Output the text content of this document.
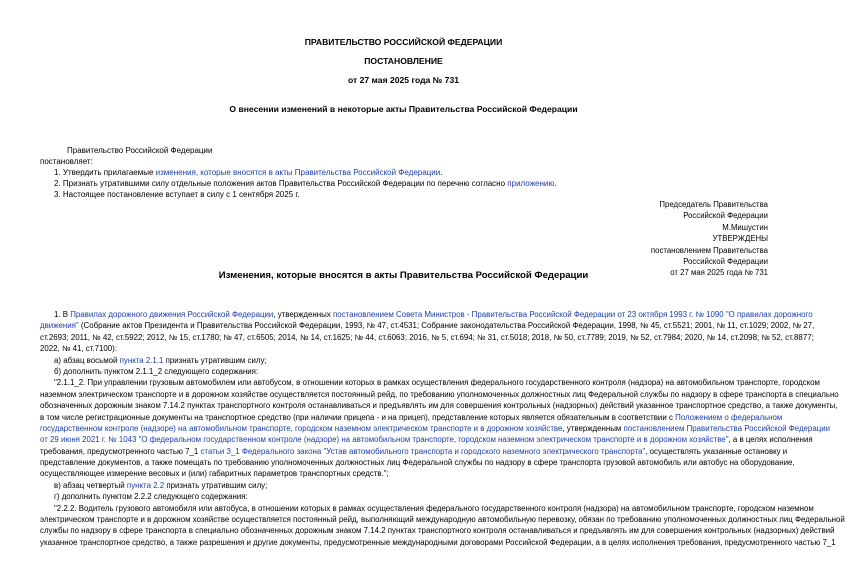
ПРАВИТЕЛЬСТВО РОССИЙСКОЙ ФЕДЕРАЦИИ
ПОСТАНОВЛЕНИЕ
от 27 мая 2025 года № 731
О внесении изменений в некоторые акты Правительства Российской Федерации
Правительство Российской Федерации
постановляет:
1. Утвердить прилагаемые изменения, которые вносятся в акты Правительства Российской Федерации.
2. Признать утратившими силу отдельные положения актов Правительства Российской Федерации по перечню согласно приложению.
3. Настоящее постановление вступает в силу с 1 сентября 2025 г.
Председатель Правительства
Российской Федерации
М.Мишустин
УТВЕРЖДЕНЫ
постановлением Правительства
Российской Федерации
от 27 мая 2025 года № 731
Изменения, которые вносятся в акты Правительства Российской Федерации
1. В Правилах дорожного движения Российской Федерации, утвержденных постановлением Совета Министров - Правительства Российской Федерации от 23 октября 1993 г. № 1090 "О правилах дорожного
движения" (Собрание актов Президента и Правительства Российской Федерации, 1993, № 47, ст.4531; Собрание законодательства Российской Федерации, 1998, № 45, ст.5521; 2001, № 11, ст.1029; 2002, № 27,
ст.2693; 2011, № 42, ст.5922; 2012, № 15, ст.1780; № 47, ст.6505; 2014, № 14, ст.1625; № 44, ст.6063; 2016, № 5, ст.694; № 31, ст.5018; 2018, № 50, ст.7789; 2019, № 52, ст.7984; 2020, № 14, ст.2098; № 52, ст.8877;
2022, № 41, ст.7100):
а) абзац восьмой пункта 2.1.1 признать утратившим силу;
б) дополнить пунктом 2.1.1_2 следующего содержания:
"2.1.1_2. При управлении грузовым автомобилем или автобусом, в отношении которых в рамках осуществления федерального государственного контроля (надзора) на автомобильном транспорте, городском
наземном электрическом транспорте и в дорожном хозяйстве осуществляется постоянный рейд, по требованию уполномоченных должностных лиц Федеральной службы по надзору в сфере транспорта в специально
обозначенных дорожным знаком 7.14.2 пунктах транспортного контроля останавливаться и предъявлять им для совершения контрольных (надзорных) действий указанное транспортное средство, а также документы,
в том числе регистрационные документы на транспортное средство (при наличии прицепа - и на прицеп), представление которых является обязательным в соответствии с Положением о федеральном
государственном контроле (надзоре) на автомобильном транспорте, городском наземном электрическом транспорте и в дорожном хозяйстве, утвержденным постановлением Правительства Российской Федерации
от 29 июня 2021 г. № 1043 "О федеральном государственном контроле (надзоре) на автомобильном транспорте, городском наземном электрическом транспорте и в дорожном хозяйстве", а в целях исполнения
требования, предусмотренного частью 7_1 статьи 3_1 Федерального закона "Устав автомобильного транспорта и городского наземного электрического транспорта", осуществлять указанные остановку и
представление документов, а также помещать по требованию уполномоченных должностных лиц Федеральной службы по надзору в сфере транспорта грузовой автомобиль или автобус на оборудование,
осуществляющее измерение весовых и (или) габаритных параметров транспортных средств.";
в) абзац четвертый пункта 2.2 признать утратившим силу;
г) дополнить пунктом 2.2.2 следующего содержания:
"2.2.2. Водитель грузового автомобиля или автобуса, в отношении которых в рамках осуществления федерального государственного контроля (надзора) на автомобильном транспорте, городском наземном
электрическом транспорте и в дорожном хозяйстве осуществляется постоянный рейд, выполняющий международную автомобильную перевозку, обязан по требованию уполномоченных должностных лиц Федеральной
службы по надзору в сфере транспорта в специально обозначенных дорожным знаком 7.14.2 пунктах транспортного контроля останавливаться и предъявлять им для совершения контрольных (надзорных) действий
указанное транспортное средство, а также разрешения и другие документы, предусмотренные международными договорами Российской Федерации, а в целях исполнения требования, предусмотренного частью 7_1
